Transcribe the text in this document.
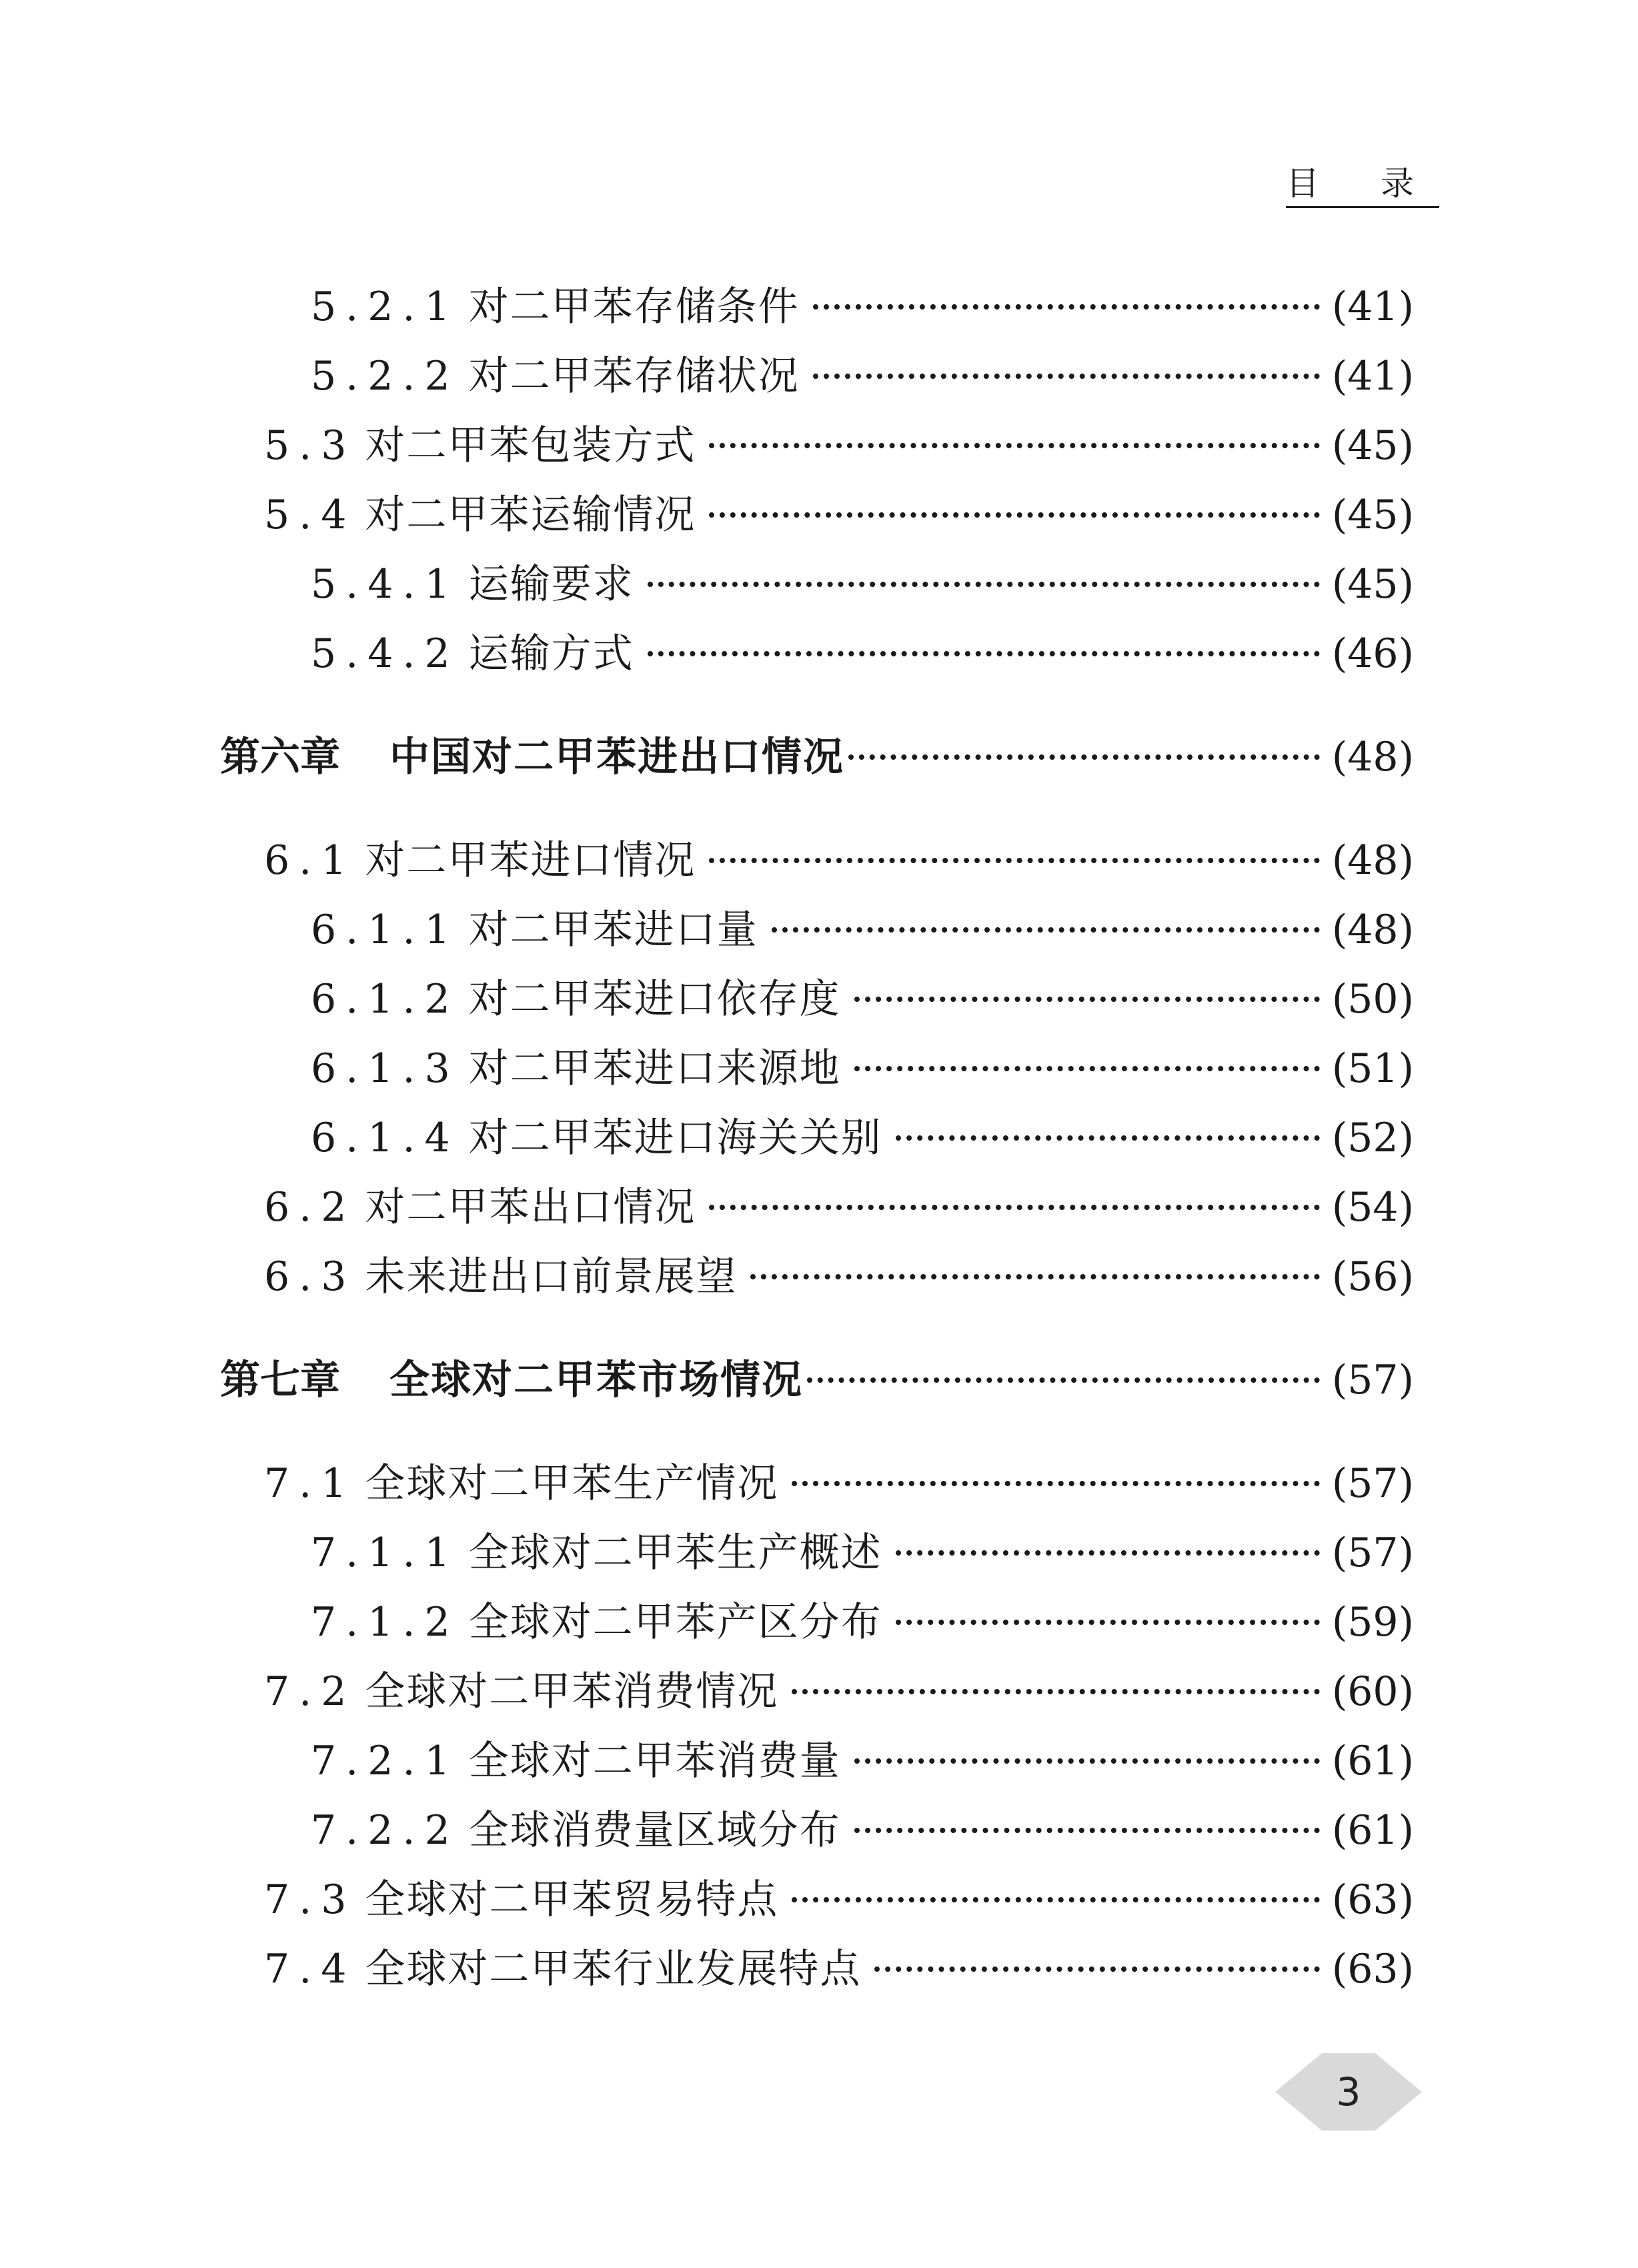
目 录
5.2.1 对二甲苯存储条件	(41)
5.2.2 对二甲苯存储状况	(41)
5.3 对二甲苯包装方式	(45)
5.4 对二甲苯运输情况	(45)
5.4.1 运输要求	(45)
5.4.2 运输方式	(46)
第六章 中国对二甲苯进出口情况	(48)
6.1 对二甲苯进口情况	(48)
6.1.1 对二甲苯进口量	(48)
6.1.2 对二甲苯进口依存度	(50)
6.1.3 对二甲苯进口来源地	(51)
6.1.4 对二甲苯进口海关关别	(52)
6.2 对二甲苯出口情况	(54)
6.3 未来进出口前景展望	(56)
第七章 全球对二甲苯市场情况	(57)
7.1 全球对二甲苯生产情况	(57)
7.1.1 全球对二甲苯生产概述	(57)
7.1.2 全球对二甲苯产区分布	(59)
7.2 全球对二甲苯消费情况	(60)
7.2.1 全球对二甲苯消费量	(61)
7.2.2 全球消费量区域分布	(61)
7.3 全球对二甲苯贸易特点	(63)
7.4 全球对二甲苯行业发展特点	(63)
3
